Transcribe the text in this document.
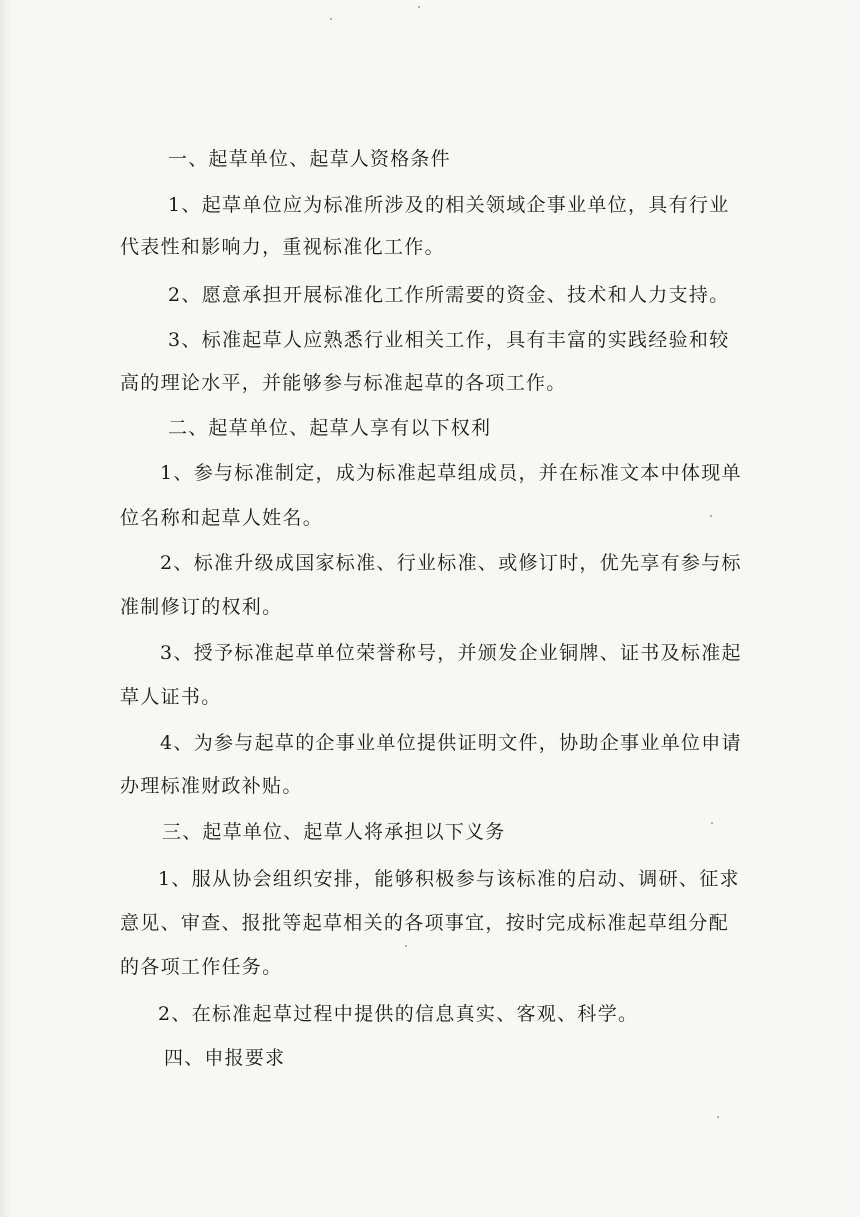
一、起草单位、起草人资格条件
1、起草单位应为标准所涉及的相关领域企事业单位，具有行业
代表性和影响力，重视标准化工作。
2、愿意承担开展标准化工作所需要的资金、技术和人力支持。
3、标准起草人应熟悉行业相关工作，具有丰富的实践经验和较
高的理论水平，并能够参与标准起草的各项工作。
二、起草单位、起草人享有以下权利
1、参与标准制定，成为标准起草组成员，并在标准文本中体现单
位名称和起草人姓名。
2、标准升级成国家标准、行业标准、或修订时，优先享有参与标
准制修订的权利。
3、授予标准起草单位荣誉称号，并颁发企业铜牌、证书及标准起
草人证书。
4、为参与起草的企事业单位提供证明文件，协助企事业单位申请
办理标准财政补贴。
三、起草单位、起草人将承担以下义务
1、服从协会组织安排，能够积极参与该标准的启动、调研、征求
意见、审查、报批等起草相关的各项事宜，按时完成标准起草组分配
的各项工作任务。
2、在标准起草过程中提供的信息真实、客观、科学。
四、申报要求
